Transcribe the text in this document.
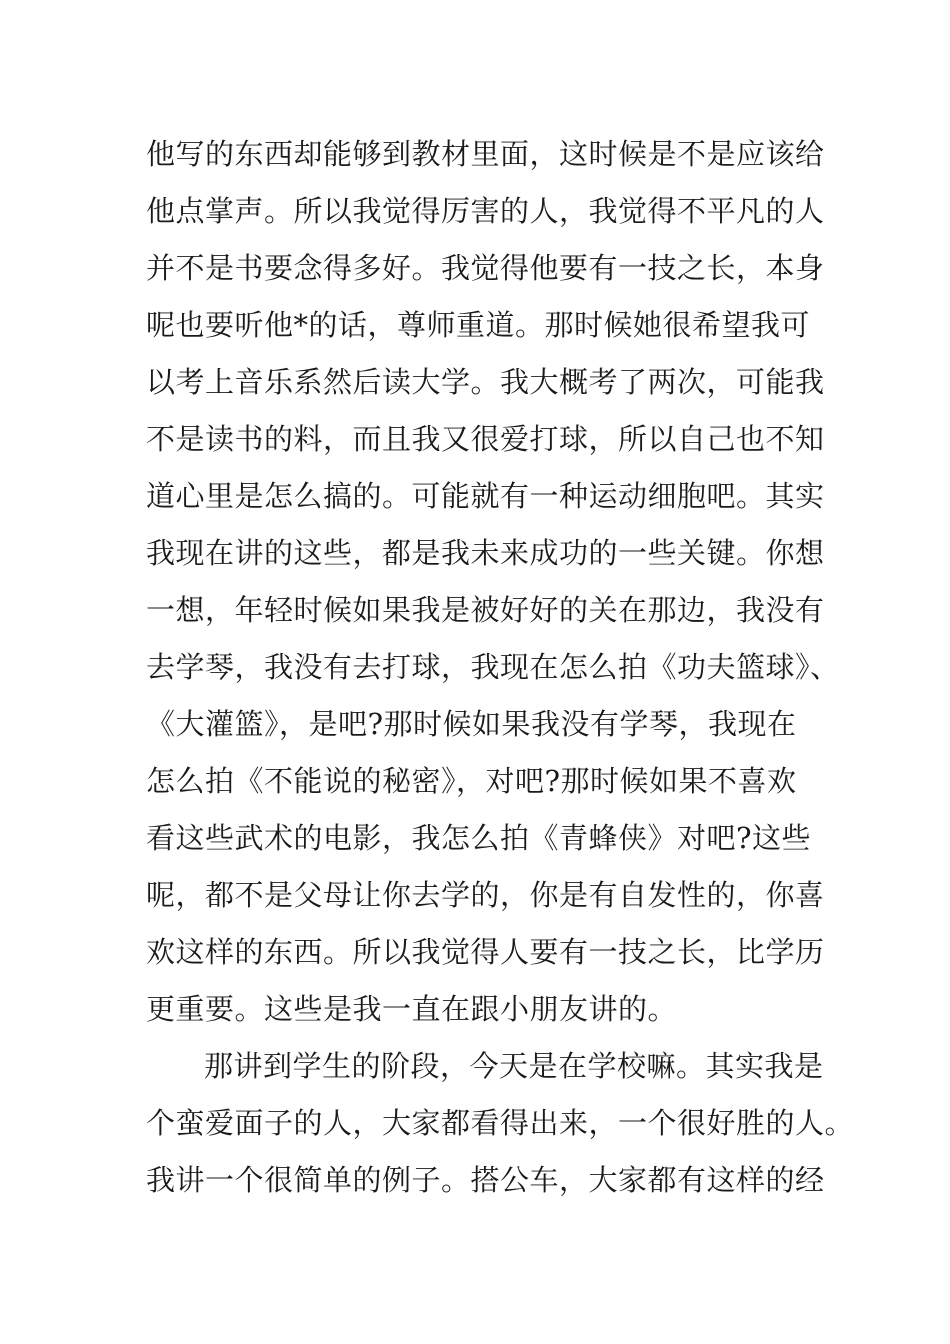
他写的东西却能够到教材里面，这时候是不是应该给
他点掌声。所以我觉得厉害的人，我觉得不平凡的人
并不是书要念得多好。我觉得他要有一技之长，本身
呢也要听他*的话，尊师重道。那时候她很希望我可
以考上音乐系然后读大学。我大概考了两次，可能我
不是读书的料，而且我又很爱打球，所以自己也不知
道心里是怎么搞的。可能就有一种运动细胞吧。其实
我现在讲的这些，都是我未来成功的一些关键。你想
一想，年轻时候如果我是被好好的关在那边，我没有
去学琴，我没有去打球，我现在怎么拍《功夫篮球》、
《大灌篮》，是吧?那时候如果我没有学琴，我现在
怎么拍《不能说的秘密》，对吧?那时候如果不喜欢
看这些武术的电影，我怎么拍《青蜂侠》对吧?这些
呢，都不是父母让你去学的，你是有自发性的，你喜
欢这样的东西。所以我觉得人要有一技之长，比学历
更重要。这些是我一直在跟小朋友讲的。
那讲到学生的阶段，今天是在学校嘛。其实我是
个蛮爱面子的人，大家都看得出来，一个很好胜的人。
我讲一个很简单的例子。搭公车，大家都有这样的经
